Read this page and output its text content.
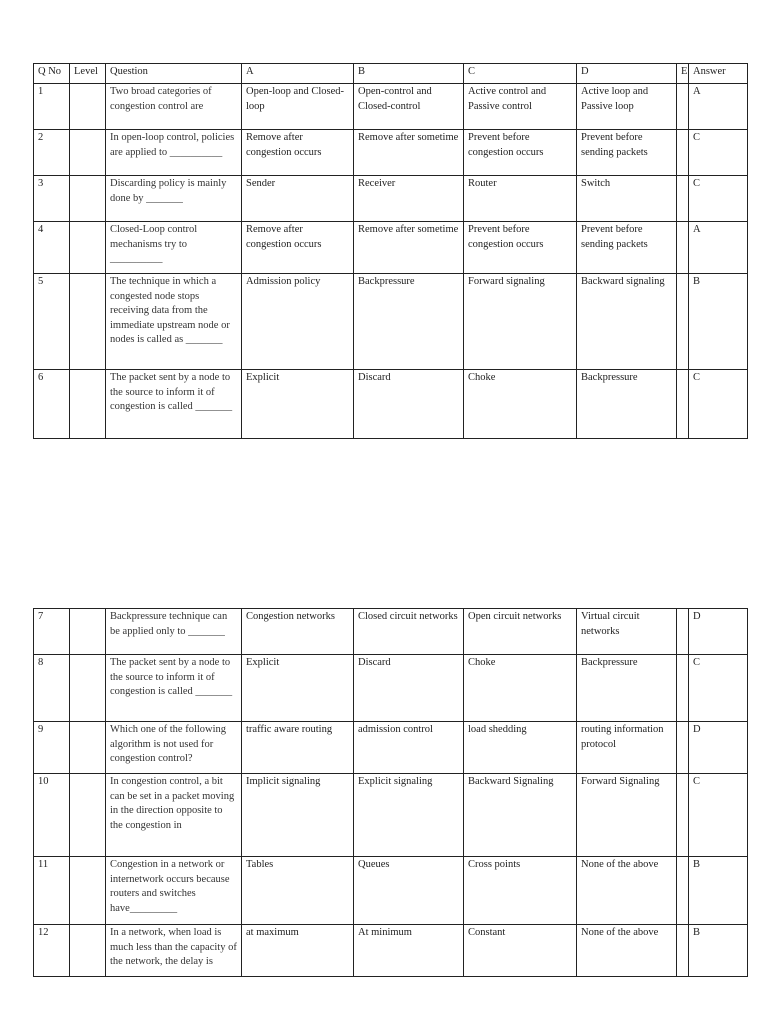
Q No	Level	Question	A	B	C	D	E	Answer
1		Two broad categories of congestion control are	Open-loop and Closed-loop	Open-control and Closed-control	Active control and Passive control	Active loop and Passive loop		A
2		In open-loop control, policies are applied to __________	Remove after congestion occurs	Remove after sometime	Prevent before congestion occurs	Prevent before sending packets		C
3		Discarding policy is mainly done by _______	Sender	Receiver	Router	Switch		C
4		Closed-Loop control mechanisms try to __________	Remove after congestion occurs	Remove after sometime	Prevent before congestion occurs	Prevent before sending packets		A
5		The technique in which a congested node stops receiving data from the immediate upstream node or nodes is called as _______	Admission policy	Backpressure	Forward signaling	Backward signaling		B
6		The packet sent by a node to the source to inform it of congestion is called _______	Explicit	Discard	Choke	Backpressure		C
7		Backpressure technique can be applied only to _______	Congestion networks	Closed circuit networks	Open circuit networks	Virtual circuit networks		D
8		The packet sent by a node to the source to inform it of congestion is called _______	Explicit	Discard	Choke	Backpressure		C
9		Which one of the following algorithm is not used for congestion control?	traffic aware routing	admission control	load shedding	routing information protocol		D
10		In congestion control, a bit can be set in a packet moving in the direction opposite to the congestion in	Implicit signaling	Explicit signaling	Backward Signaling	Forward Signaling		C
11		Congestion in a network or internetwork occurs because routers and switches have_________	Tables	Queues	Cross points	None of the above		B
12		In a network, when load is much less than the capacity of the network, the delay is	at maximum	At minimum	Constant	None of the above		B
